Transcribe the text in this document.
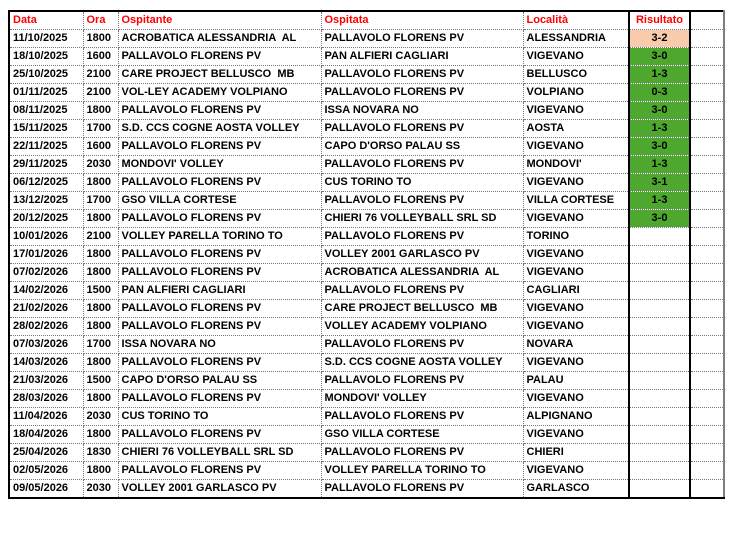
Data	Ora	Ospitante	Ospitata	Località	Risultato	
11/10/2025	1800	ACROBATICA ALESSANDRIA  AL	PALLAVOLO FLORENS PV	ALESSANDRIA	3-2	
18/10/2025	1600	PALLAVOLO FLORENS PV	PAN ALFIERI CAGLIARI	VIGEVANO	3-0	
25/10/2025	2100	CARE PROJECT BELLUSCO  MB	PALLAVOLO FLORENS PV	BELLUSCO	1-3	
01/11/2025	2100	VOL-LEY ACADEMY VOLPIANO	PALLAVOLO FLORENS PV	VOLPIANO	0-3	
08/11/2025	1800	PALLAVOLO FLORENS PV	ISSA NOVARA NO	VIGEVANO	3-0	
15/11/2025	1700	S.D. CCS COGNE AOSTA VOLLEY	PALLAVOLO FLORENS PV	AOSTA	1-3	
22/11/2025	1600	PALLAVOLO FLORENS PV	CAPO D'ORSO PALAU SS	VIGEVANO	3-0	
29/11/2025	2030	MONDOVI' VOLLEY	PALLAVOLO FLORENS PV	MONDOVI'	1-3	
06/12/2025	1800	PALLAVOLO FLORENS PV	CUS TORINO TO	VIGEVANO	3-1	
13/12/2025	1700	GSO VILLA CORTESE	PALLAVOLO FLORENS PV	VILLA CORTESE	1-3	
20/12/2025	1800	PALLAVOLO FLORENS PV	CHIERI 76 VOLLEYBALL SRL SD	VIGEVANO	3-0	
10/01/2026	2100	VOLLEY PARELLA TORINO TO	PALLAVOLO FLORENS PV	TORINO		
17/01/2026	1800	PALLAVOLO FLORENS PV	VOLLEY 2001 GARLASCO PV	VIGEVANO		
07/02/2026	1800	PALLAVOLO FLORENS PV	ACROBATICA ALESSANDRIA  AL	VIGEVANO		
14/02/2026	1500	PAN ALFIERI CAGLIARI	PALLAVOLO FLORENS PV	CAGLIARI		
21/02/2026	1800	PALLAVOLO FLORENS PV	CARE PROJECT BELLUSCO  MB	VIGEVANO		
28/02/2026	1800	PALLAVOLO FLORENS PV	VOLLEY ACADEMY VOLPIANO	VIGEVANO		
07/03/2026	1700	ISSA NOVARA NO	PALLAVOLO FLORENS PV	NOVARA		
14/03/2026	1800	PALLAVOLO FLORENS PV	S.D. CCS COGNE AOSTA VOLLEY	VIGEVANO		
21/03/2026	1500	CAPO D'ORSO PALAU SS	PALLAVOLO FLORENS PV	PALAU		
28/03/2026	1800	PALLAVOLO FLORENS PV	MONDOVI' VOLLEY	VIGEVANO		
11/04/2026	2030	CUS TORINO TO	PALLAVOLO FLORENS PV	ALPIGNANO		
18/04/2026	1800	PALLAVOLO FLORENS PV	GSO VILLA CORTESE	VIGEVANO		
25/04/2026	1830	CHIERI 76 VOLLEYBALL SRL SD	PALLAVOLO FLORENS PV	CHIERI		
02/05/2026	1800	PALLAVOLO FLORENS PV	VOLLEY PARELLA TORINO TO	VIGEVANO		
09/05/2026	2030	VOLLEY 2001 GARLASCO PV	PALLAVOLO FLORENS PV	GARLASCO		
